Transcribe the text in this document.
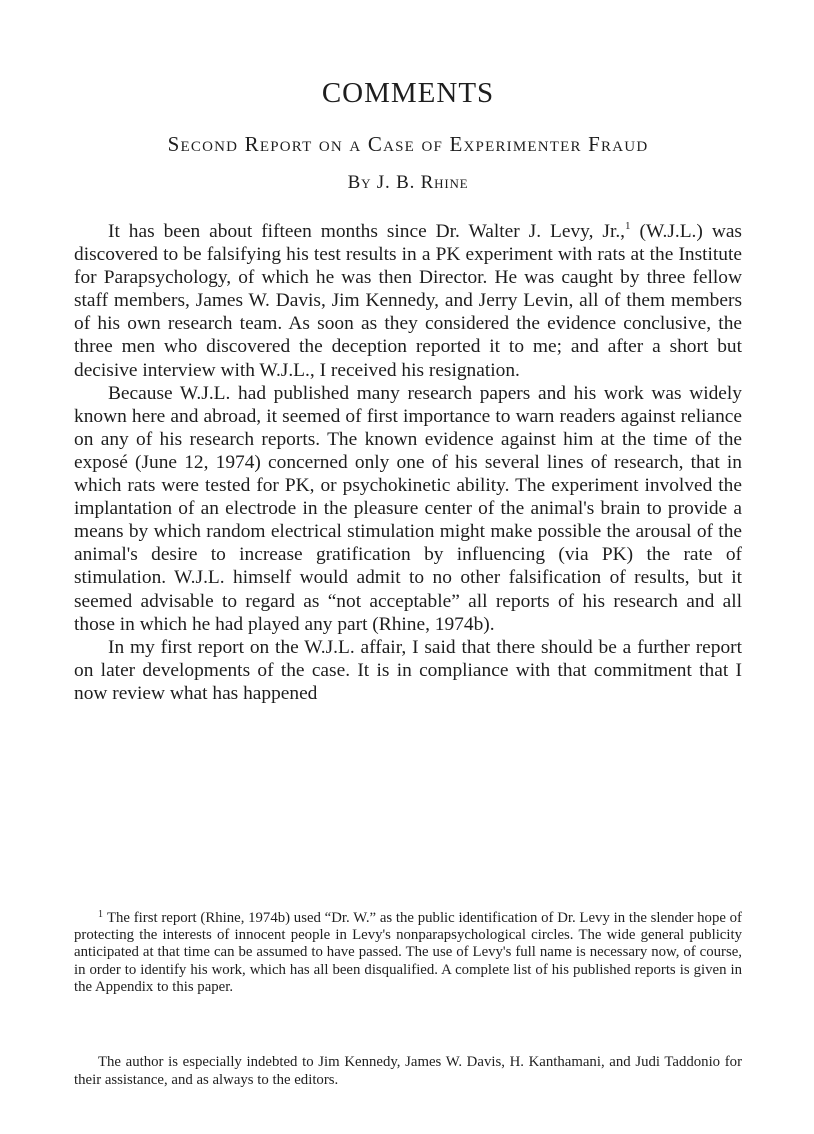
COMMENTS
Second Report on a Case of Experimenter Fraud
By J. B. Rhine

It has been about fifteen months since Dr. Walter J. Levy, Jr.,$^1$ (W.J.L.) was discovered to be falsifying his test results in a PK experiment with rats at the Institute for Parapsychology, of which he was then Director. He was caught by three fellow staff members, James W. Davis, Jim Kennedy, and Jerry Levin, all of them members of his own research team. As soon as they considered the evidence conclusive, the three men who discovered the deception reported it to me; and after a short but decisive interview with W.J.L., I received his resignation.

Because W.J.L. had published many research papers and his work was widely known here and abroad, it seemed of first importance to warn readers against reliance on any of his research reports. The known evidence against him at the time of the exposé (June 12, 1974) concerned only one of his several lines of research, that in which rats were tested for PK, or psychokinetic ability. The experiment involved the implantation of an electrode in the pleasure center of the animal's brain to provide a means by which random electrical stimulation might make possible the arousal of the animal's desire to increase gratification by influencing (via PK) the rate of stimulation. W.J.L. himself would admit to no other falsification of results, but it seemed advisable to regard as “not acceptable” all reports of his research and all those in which he had played any part (Rhine, 1974b).

In my first report on the W.J.L. affair, I said that there should be a further report on later developments of the case. It is in compliance with that commitment that I now review what has happened

$^1$ The first report (Rhine, 1974b) used “Dr. W.” as the public identification of Dr. Levy in the slender hope of protecting the interests of innocent people in Levy's nonparapsychological circles. The wide general publicity anticipated at that time can be assumed to have passed. The use of Levy's full name is necessary now, of course, in order to identify his work, which has all been disqualified. A complete list of his published reports is given in the Appendix to this paper.

The author is especially indebted to Jim Kennedy, James W. Davis, H. Kanthamani, and Judi Taddonio for their assistance, and as always to the editors.
